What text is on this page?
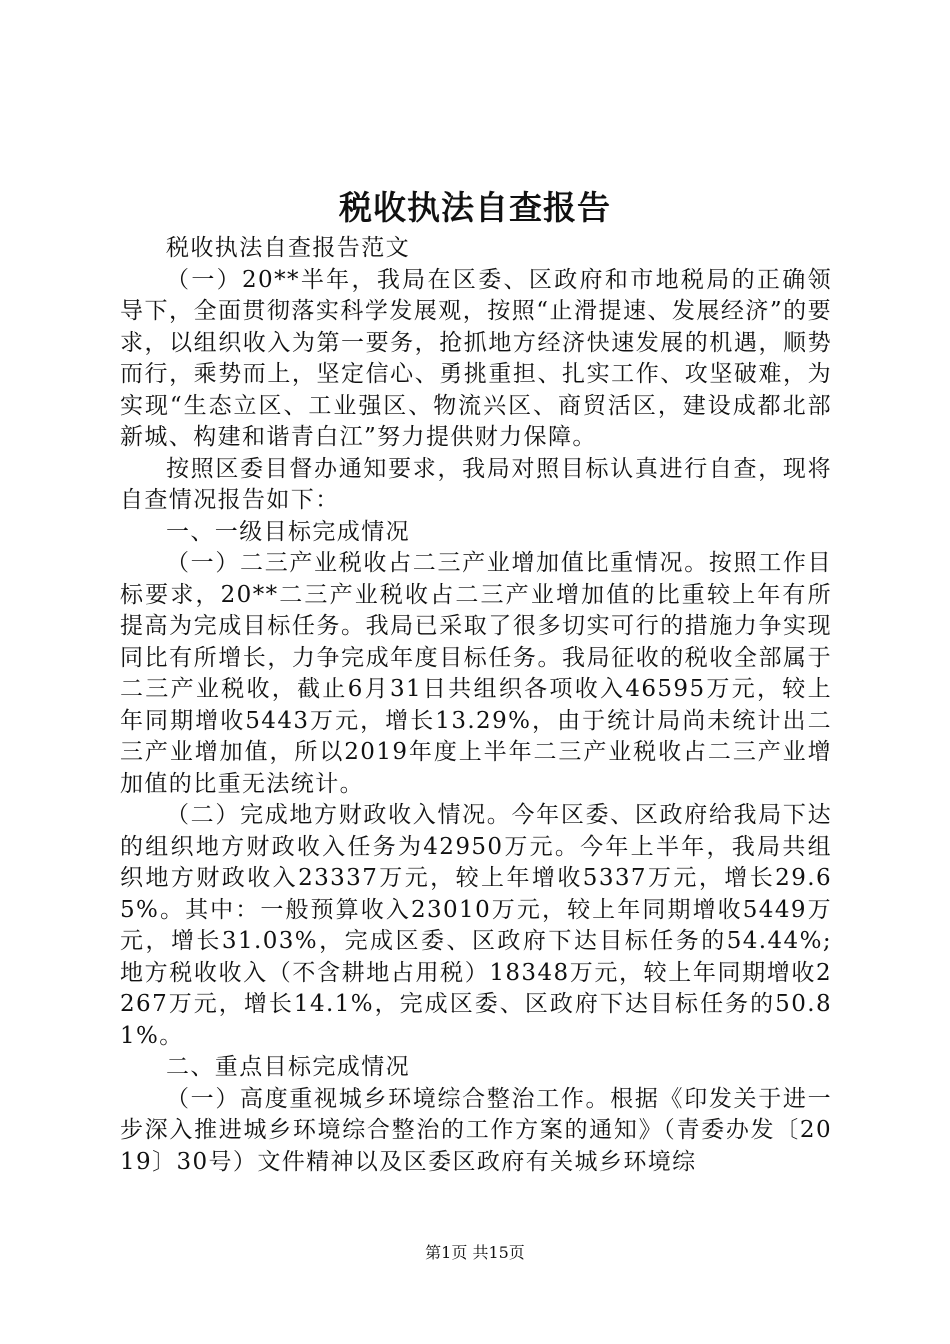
税收执法自查报告

税收执法自查报告范文

（一）20**半年，我局在区委、区政府和市地税局的正确领导下，全面贯彻落实科学发展观，按照“止滑提速、发展经济”的要求，以组织收入为第一要务，抢抓地方经济快速发展的机遇，顺势而行，乘势而上，坚定信心、勇挑重担、扎实工作、攻坚破难，为实现“生态立区、工业强区、物流兴区、商贸活区，建设成都北部新城、构建和谐青白江”努力提供财力保障。

按照区委目督办通知要求，我局对照目标认真进行自查，现将自查情况报告如下：

一、一级目标完成情况

（一）二三产业税收占二三产业增加值比重情况。按照工作目标要求，20**二三产业税收占二三产业增加值的比重较上年有所提高为完成目标任务。我局已采取了很多切实可行的措施力争实现同比有所增长，力争完成年度目标任务。我局征收的税收全部属于二三产业税收，截止6月31日共组织各项收入46595万元，较上年同期增收5443万元，增长13.29%，由于统计局尚未统计出二三产业增加值，所以2019年度上半年二三产业税收占二三产业增加值的比重无法统计。

（二）完成地方财政收入情况。今年区委、区政府给我局下达的组织地方财政收入任务为42950万元。今年上半年，我局共组织地方财政收入23337万元，较上年增收5337万元，增长29.65%。其中：一般预算收入23010万元，较上年同期增收5449万元，增长31.03%，完成区委、区政府下达目标任务的54.44%;地方税收收入（不含耕地占用税）18348万元，较上年同期增收2267万元，增长14.1%，完成区委、区政府下达目标任务的50.81%。

二、重点目标完成情况

（一）高度重视城乡环境综合整治工作。根据《印发关于进一步深入推进城乡环境综合整治的工作方案的通知》（青委办发〔2019〕30号）文件精神以及区委区政府有关城乡环境综

第1页 共15页
